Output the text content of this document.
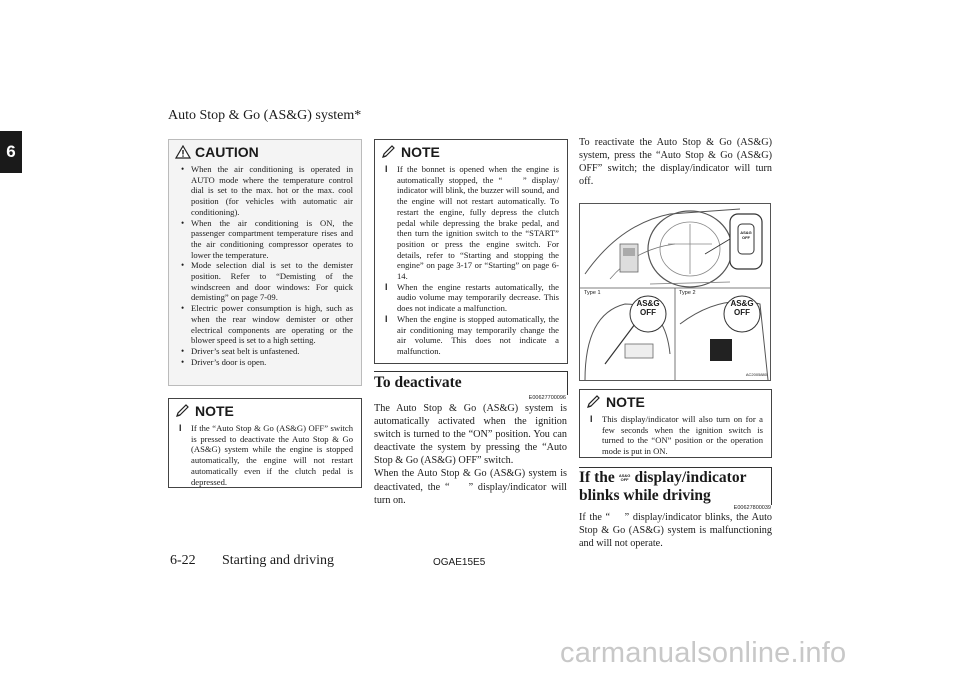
Auto Stop & Go (AS&G) system*
6	CAUTION
• When the air conditioning is operated in AUTO mode where the temperature control dial is set to the max. hot or the max. cool position (for vehicles with automatic air conditioning).
• When the air conditioning is ON, the passenger compartment temperature rises and the air conditioning compressor operates to lower the temperature.
• Mode selection dial is set to the demister position. Refer to “Demisting of the windscreen and door windows: For quick demisting” on page 7-09.
• Electric power consumption is high, such as when the rear window demister or other electrical components are operating or the blower speed is set to a high setting.
• Driver’s seat belt is unfastened.
• Driver’s door is open.
NOTE
l If the “Auto Stop & Go (AS&G) OFF” switch is pressed to deactivate the Auto Stop & Go (AS&G) system while the engine is stopped automatically, the engine will not restart automatically even if the clutch pedal is depressed.
NOTE
l If the bonnet is opened when the engine is automatically stopped, the “    ” display/ indicator will blink, the buzzer will sound, and the engine will not restart automatically. To restart the engine, fully depress the clutch pedal while depressing the brake pedal, and then turn the ignition switch to the “START” position or press the engine switch. For details, refer to “Starting and stopping the engine” on page 3-17 or “Starting” on page 6-14.
l When the engine restarts automatically, the audio volume may temporarily decrease. This does not indicate a malfunction.
l When the engine is stopped automatically, the air conditioning may temporarily change the air volume. This does not indicate a malfunction.
To deactivate
E00627700096
The Auto Stop & Go (AS&G) system is automatically activated when the ignition switch is turned to the “ON” position. You can deactivate the system by pressing the “Auto Stop & Go (AS&G) OFF” switch.
When the Auto Stop & Go (AS&G) system is deactivated, the “    ” display/indicator will turn on.
To reactivate the Auto Stop & Go (AS&G) system, press the “Auto Stop & Go (AS&G) OFF” switch; the display/indicator will turn off.
Type 1	Type 2
AS&G
OFF
AS&G
OFF
AS&G
OFF
AC2005880
NOTE
l This display/indicator will also turn on for a few seconds when the ignition switch is turned to the “ON” position or the operation mode is put in ON.
If the AS&G
OFF display/indicator
blinks while driving
E00627800039
If the “    ” display/indicator blinks, the Auto Stop & Go (AS&G) system is malfunctioning and will not operate.
6-22 Starting and driving	OGAE15E5
carmanualsonline.info
